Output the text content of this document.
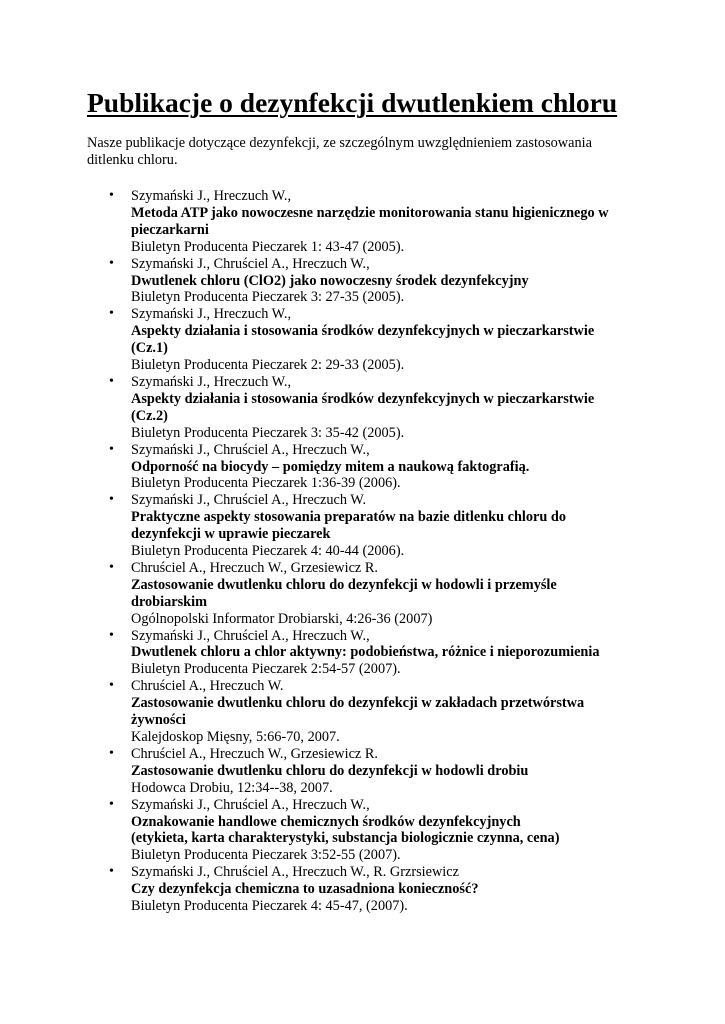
Publikacje o dezynfekcji dwutlenkiem chloru

Nasze publikacje dotyczące dezynfekcji, ze szczególnym uwzględnieniem zastosowania ditlenku chloru.

• Szymański J., Hreczuch W.,
Metoda ATP jako nowoczesne narzędzie monitorowania stanu higienicznego w pieczarkarni
Biuletyn Producenta Pieczarek 1: 43-47 (2005).
• Szymański J., Chruściel A., Hreczuch W.,
Dwutlenek chloru (ClO2) jako nowoczesny środek dezynfekcyjny
Biuletyn Producenta Pieczarek 3: 27-35 (2005).
• Szymański J., Hreczuch W.,
Aspekty działania i stosowania środków dezynfekcyjnych w pieczarkarstwie (Cz.1)
Biuletyn Producenta Pieczarek 2: 29-33 (2005).
• Szymański J., Hreczuch W.,
Aspekty działania i stosowania środków dezynfekcyjnych w pieczarkarstwie (Cz.2)
Biuletyn Producenta Pieczarek 3: 35-42 (2005).
• Szymański J., Chruściel A., Hreczuch W.,
Odporność na biocydy – pomiędzy mitem a naukową faktografią.
Biuletyn Producenta Pieczarek 1:36-39 (2006).
• Szymański J., Chruściel A., Hreczuch W.
Praktyczne aspekty stosowania preparatów na bazie ditlenku chloru do dezynfekcji w uprawie pieczarek
Biuletyn Producenta Pieczarek 4: 40-44 (2006).
• Chruściel A., Hreczuch W., Grzesiewicz R.
Zastosowanie dwutlenku chloru do dezynfekcji w hodowli i przemyśle drobiarskim
Ogólnopolski Informator Drobiarski, 4:26-36 (2007)
• Szymański J., Chruściel A., Hreczuch W.,
Dwutlenek chloru a chlor aktywny: podobieństwa, różnice i nieporozumienia
Biuletyn Producenta Pieczarek 2:54-57 (2007).
• Chruściel A., Hreczuch W.
Zastosowanie dwutlenku chloru do dezynfekcji w zakładach przetwórstwa żywności
Kalejdoskop Mięsny, 5:66-70, 2007.
• Chruściel A., Hreczuch W., Grzesiewicz R.
Zastosowanie dwutlenku chloru do dezynfekcji w hodowli drobiu
Hodowca Drobiu, 12:34--38, 2007.
• Szymański J., Chruściel A., Hreczuch W.,
Oznakowanie handlowe chemicznych środków dezynfekcyjnych
(etykieta, karta charakterystyki, substancja biologicznie czynna, cena)
Biuletyn Producenta Pieczarek 3:52-55 (2007).
• Szymański J., Chruściel A., Hreczuch W., R. Grzrsiewicz
Czy dezynfekcja chemiczna to uzasadniona konieczność?
Biuletyn Producenta Pieczarek 4: 45-47, (2007).
